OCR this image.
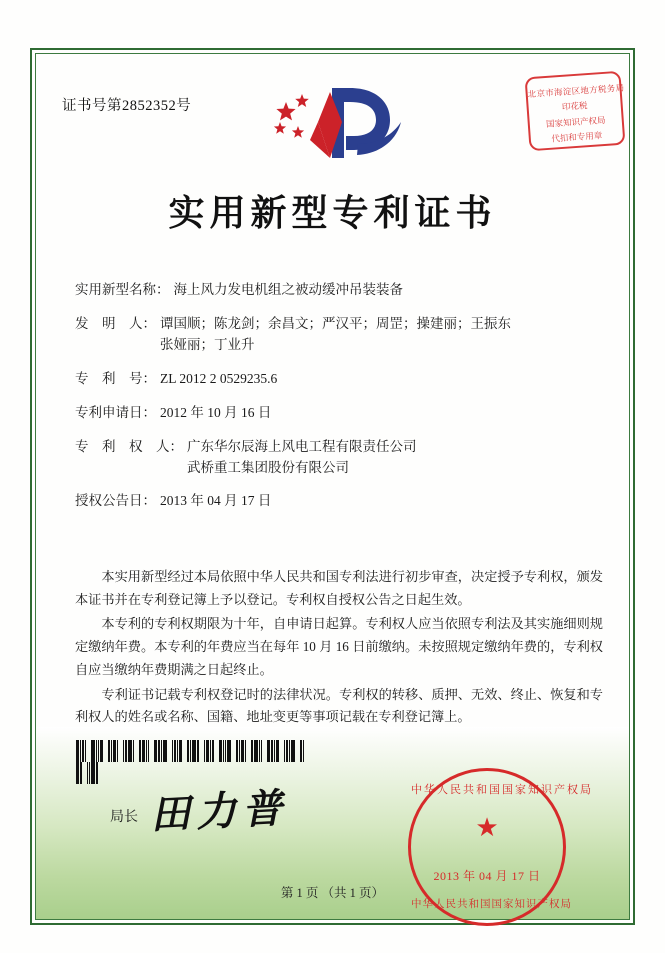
证书号第2852352号
北京市海淀区地方税务局
印花税
国家知识产权局
代扣和专用章
实用新型专利证书
实用新型名称： 海上风力发电机组之被动缓冲吊装装备
发　明　人： 谭国顺；陈龙剑；余昌文；严汉平；周罡；操建丽；王振东
张娅丽；丁业升
专　利　号： ZL 2012 2 0529235.6
专利申请日： 2012 年 10 月 16 日
专　利　权　人： 广东华尔辰海上风电工程有限责任公司
武桥重工集团股份有限公司
授权公告日： 2013 年 04 月 17 日

本实用新型经过本局依照中华人民共和国专利法进行初步审查，决定授予专利权，颁发本证书并在专利登记簿上予以登记。专利权自授权公告之日起生效。

本专利的专利权期限为十年，自申请日起算。专利权人应当依照专利法及其实施细则规定缴纳年费。本专利的年费应当在每年 10 月 16 日前缴纳。未按照规定缴纳年费的，专利权自应当缴纳年费期满之日起终止。

专利证书记载专利权登记时的法律状况。专利权的转移、质押、无效、终止、恢复和专利权人的姓名或名称、国籍、地址变更等事项记载在专利登记簿上。

局长 田力普	中华人民共和国国家知识产权局
★
2013 年 04 月 17 日
中华人民共和国国家知识产权局
第 1 页 （共 1 页）
